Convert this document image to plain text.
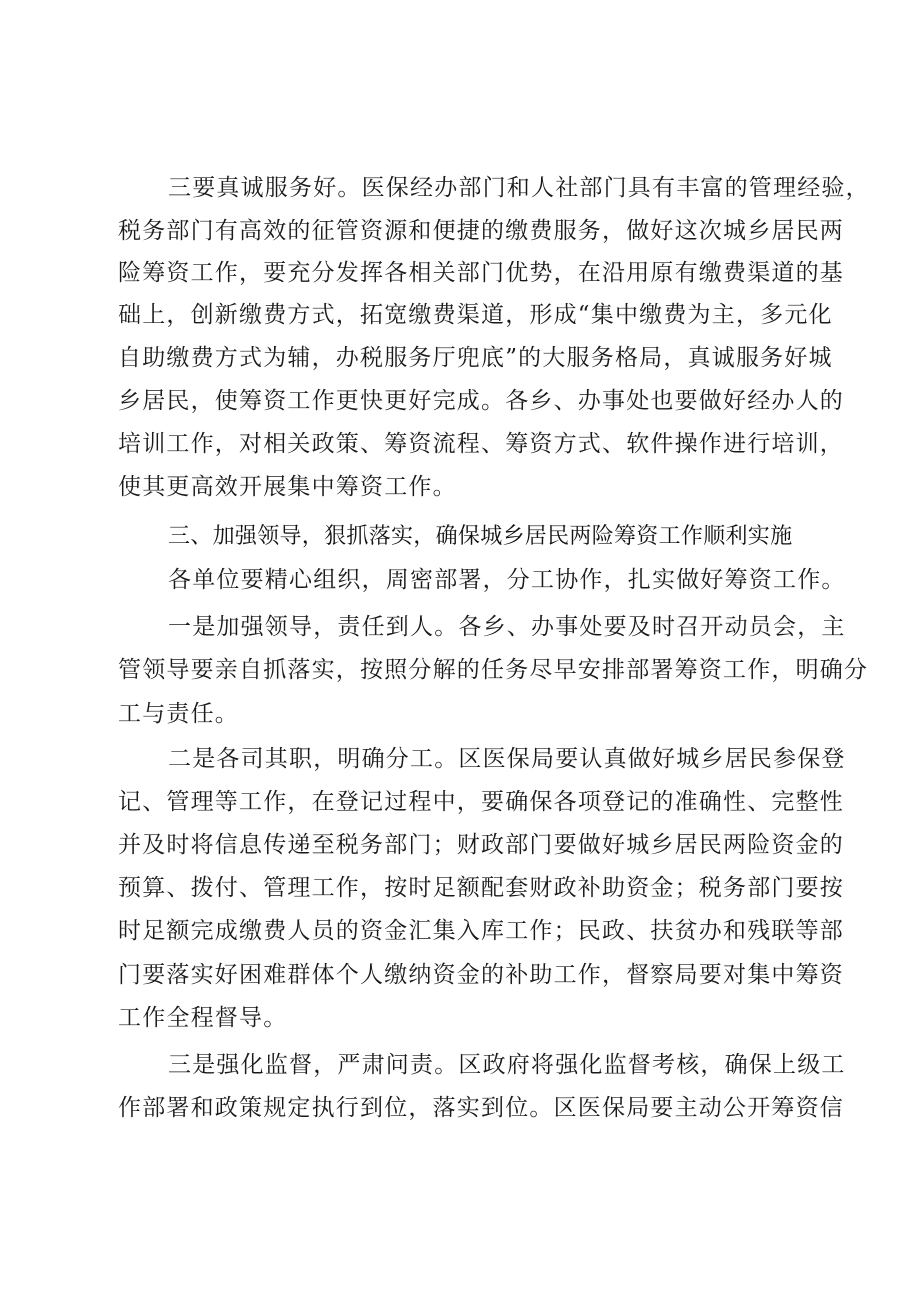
三要真诚服务好。医保经办部门和人社部门具有丰富的管理经验，
税务部门有高效的征管资源和便捷的缴费服务，做好这次城乡居民两
险筹资工作，要充分发挥各相关部门优势，在沿用原有缴费渠道的基
础上，创新缴费方式，拓宽缴费渠道，形成“集中缴费为主，多元化
自助缴费方式为辅，办税服务厅兜底”的大服务格局，真诚服务好城
乡居民，使筹资工作更快更好完成。各乡、办事处也要做好经办人的
培训工作，对相关政策、筹资流程、筹资方式、软件操作进行培训，
使其更高效开展集中筹资工作。
三、加强领导，狠抓落实，确保城乡居民两险筹资工作顺利实施
各单位要精心组织，周密部署，分工协作，扎实做好筹资工作。
一是加强领导，责任到人。各乡、办事处要及时召开动员会，主
管领导要亲自抓落实，按照分解的任务尽早安排部署筹资工作，明确分
工与责任。
二是各司其职，明确分工。区医保局要认真做好城乡居民参保登
记、管理等工作，在登记过程中，要确保各项登记的准确性、完整性
并及时将信息传递至税务部门；财政部门要做好城乡居民两险资金的
预算、拨付、管理工作，按时足额配套财政补助资金；税务部门要按
时足额完成缴费人员的资金汇集入库工作；民政、扶贫办和残联等部
门要落实好困难群体个人缴纳资金的补助工作，督察局要对集中筹资
工作全程督导。
三是强化监督，严肃问责。区政府将强化监督考核，确保上级工
作部署和政策规定执行到位，落实到位。区医保局要主动公开筹资信
